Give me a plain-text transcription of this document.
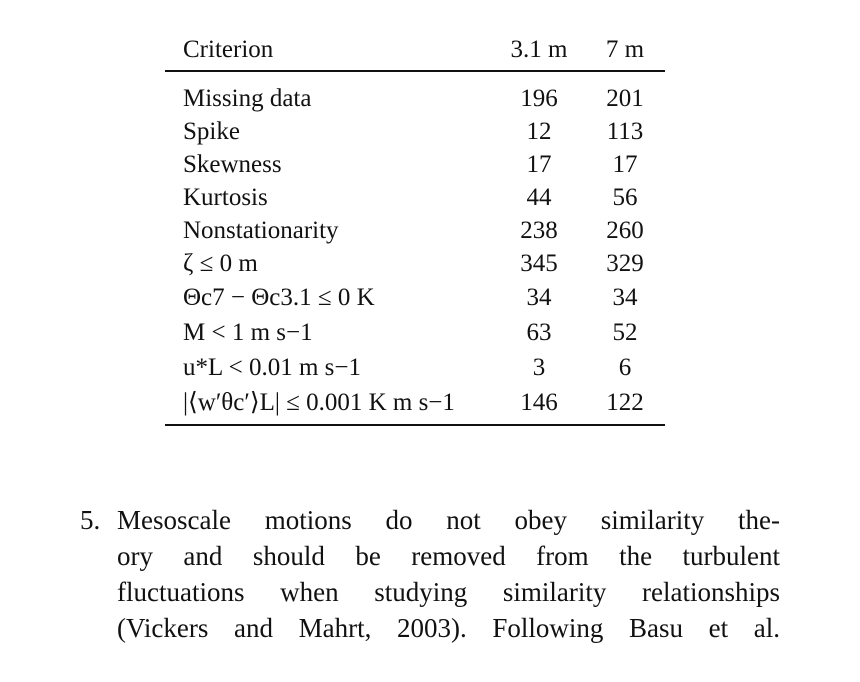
Criterion	3.1 m	7 m
Missing data	196	201
Spike	12	113
Skewness	17	17
Kurtosis	44	56
Nonstationarity	238	260
ζ ≤ 0 m	345	329
Θc7 − Θc3.1 ≤ 0 K	34	34
M < 1 m s−1	63	52
u*L < 0.01 m s−1	3	6
|⟨w′θc′⟩L| ≤ 0.001 K m s−1	146	122
5. Mesoscale motions do not obey similarity the-
ory and should be removed from the turbulent
fluctuations when studying similarity relationships
(Vickers and Mahrt, 2003). Following Basu et al.
